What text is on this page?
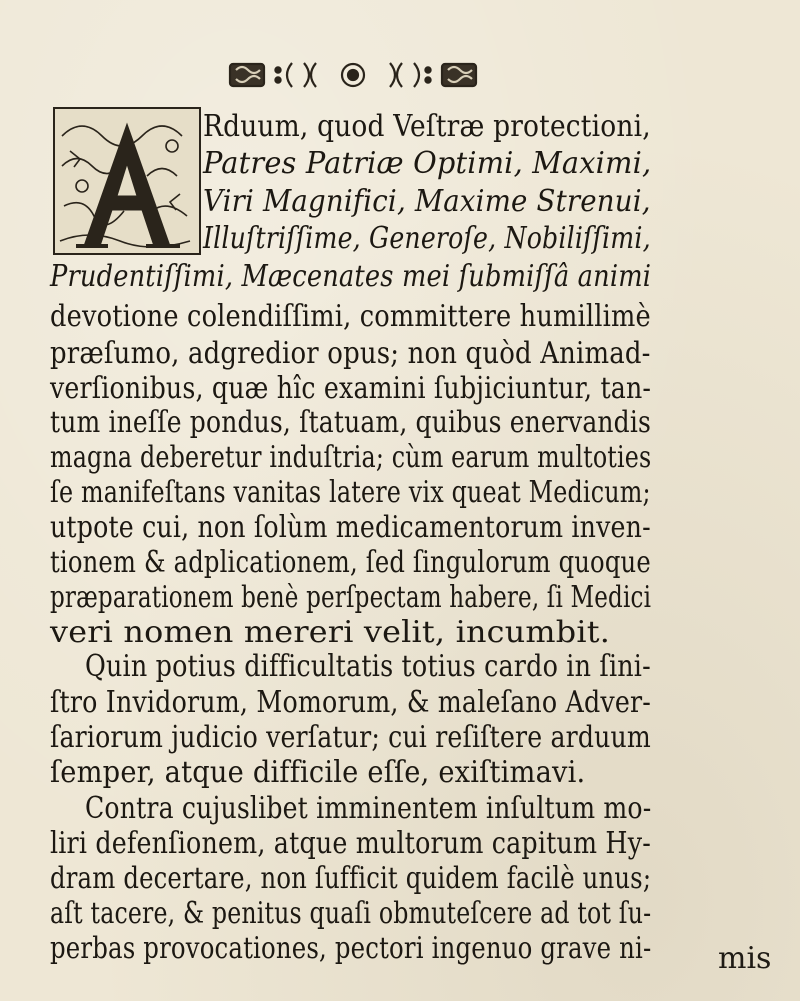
Rduum, quod Veſtræ protectioni,
Patres Patriæ Optimi, Maximi,
Viri Magnifici, Maxime Strenui,
Illuſtriſſime, Generoſe, Nobiliſſimi,
Prudentiſſimi, Mæcenates mei ſubmiſſâ animi
devotione colendiſſimi, committere humillimè
præſumo, adgredior opus; non quòd Animad-
verſionibus, quæ hîc examini ſubjiciuntur, tan-
tum ineſſe pondus, ſtatuam, quibus enervandis
magna deberetur induſtria; cùm earum multoties
ſe manifeſtans vanitas latere vix queat Medicum;
utpote cui, non ſolùm medicamentorum inven-
tionem & adplicationem, ſed ſingulorum quoque
præparationem benè perſpectam habere, ſi Medici
veri nomen mereri velit, incumbit.
Quin potius difficultatis totius cardo in ſini-
ſtro Invidorum, Momorum, & maleſano Adver-
ſariorum judicio verſatur; cui reſiſtere arduum
ſemper, atque difficile eſſe, exiſtimavi.
Contra cujuslibet imminentem inſultum mo-
liri defenſionem, atque multorum capitum Hy-
dram decertare, non ſufficit quidem facilè unus;
aſt tacere, & penitus quaſi obmuteſcere ad tot ſu-
perbas provocationes, pectori ingenuo grave ni- mis
